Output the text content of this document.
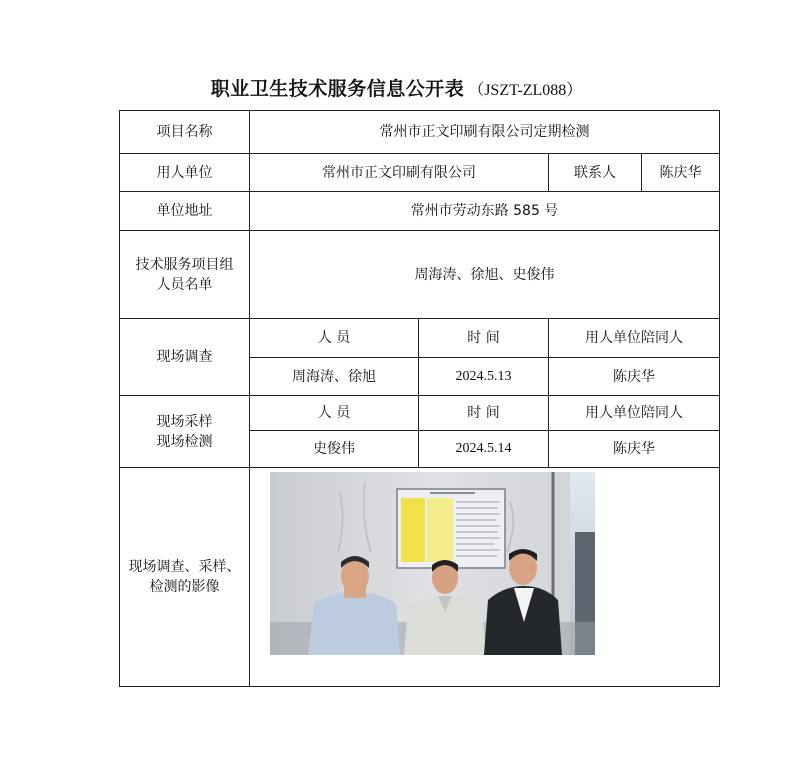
职业卫生技术服务信息公开表 （JSZT-ZL088）
项目名称	常州市正文印刷有限公司定期检测			
用人单位	常州市正文印刷有限公司		联系人	陈庆华
单位地址	常州市劳动东路 585 号			

技术服务项目组
人员名单	周海涛、徐旭、史俊伟			
现场调查	人 员	时 间	用人单位陪同人	
	周海涛、徐旭	2024.5.13	陈庆华	

现场采样
现场检测	人 员	时 间	用人单位陪同人	
	史俊伟	2024.5.14	陈庆华	

现场调查、采样、
检测的影像
